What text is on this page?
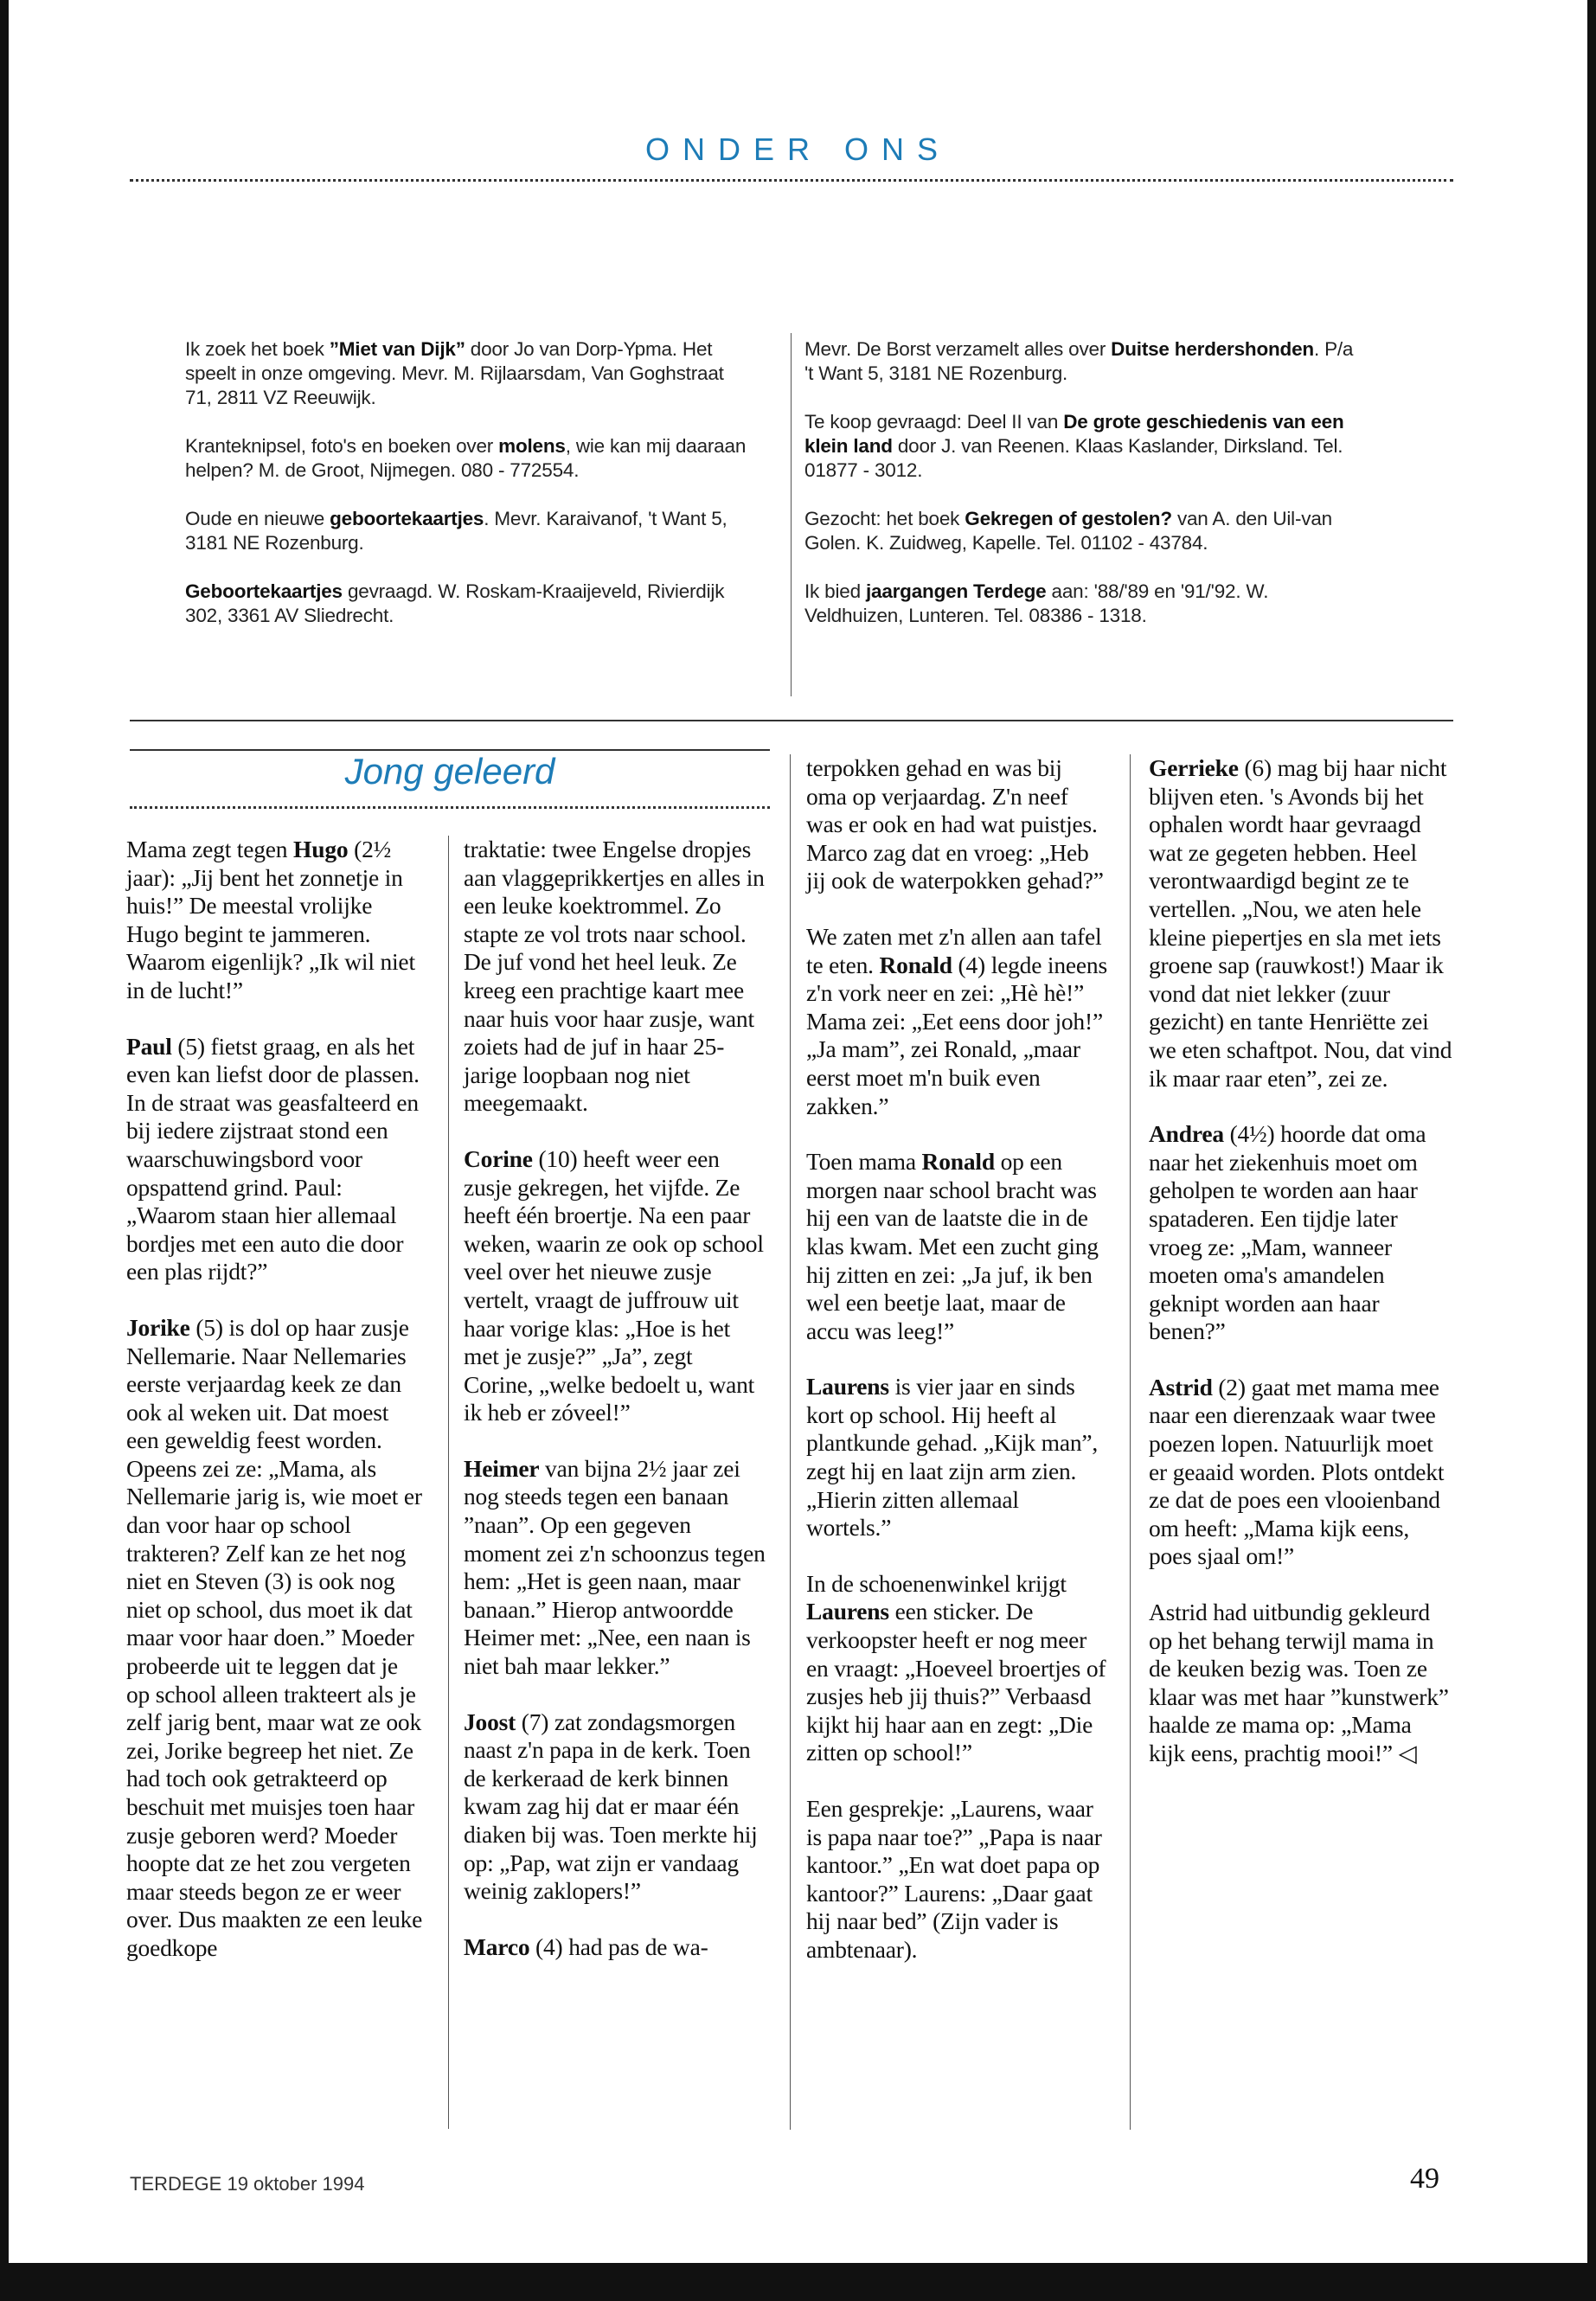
ONDER ONS

Ik zoek het boek ”Miet van Dijk” door Jo van Dorp-Ypma. Het speelt in onze omgeving. Mevr. M. Rijlaarsdam, Van Goghstraat 71, 2811 VZ Reeuwijk.

Kranteknipsel, foto's en boeken over molens, wie kan mij daaraan helpen? M. de Groot, Nijmegen. 080 - 772554.

Oude en nieuwe geboortekaartjes. Mevr. Karaivanof, 't Want 5, 3181 NE Rozenburg.

Geboortekaartjes gevraagd. W. Roskam-Kraaijeveld, Rivierdijk 302, 3361 AV Sliedrecht.

Mevr. De Borst verzamelt alles over Duitse herdershonden. P/a 't Want 5, 3181 NE Rozenburg.

Te koop gevraagd: Deel II van De grote geschiedenis van een klein land door J. van Reenen. Klaas Kaslander, Dirksland. Tel. 01877 - 3012.

Gezocht: het boek Gekregen of gestolen? van A. den Uil-van Golen. K. Zuidweg, Kapelle. Tel. 01102 - 43784.

Ik bied jaargangen Terdege aan: '88/'89 en '91/'92. W. Veldhuizen, Lunteren. Tel. 08386 - 1318.

Jong geleerd

Mama zegt tegen Hugo (2½ jaar): „Jij bent het zonnetje in huis!” De meestal vrolijke Hugo begint te jammeren. Waarom eigenlijk? „Ik wil niet in de lucht!”

Paul (5) fietst graag, en als het even kan liefst door de plassen. In de straat was geasfalteerd en bij iedere zijstraat stond een waarschuwingsbord voor opspattend grind. Paul: „Waarom staan hier allemaal bordjes met een auto die door een plas rijdt?”

Jorike (5) is dol op haar zusje Nellemarie. Naar Nellemaries eerste verjaardag keek ze dan ook al weken uit. Dat moest een geweldig feest worden. Opeens zei ze: „Mama, als Nellemarie jarig is, wie moet er dan voor haar op school trakteren? Zelf kan ze het nog niet en Steven (3) is ook nog niet op school, dus moet ik dat maar voor haar doen.” Moeder probeerde uit te leggen dat je op school alleen trakteert als je zelf jarig bent, maar wat ze ook zei, Jorike begreep het niet. Ze had toch ook getrakteerd op beschuit met muisjes toen haar zusje geboren werd? Moeder hoopte dat ze het zou vergeten maar steeds begon ze er weer over. Dus maakten ze een leuke goedkope

traktatie: twee Engelse dropjes aan vlaggeprikkertjes en alles in een leuke koektrommel. Zo stapte ze vol trots naar school. De juf vond het heel leuk. Ze kreeg een prachtige kaart mee naar huis voor haar zusje, want zoiets had de juf in haar 25-jarige loopbaan nog niet meegemaakt.

Corine (10) heeft weer een zusje gekregen, het vijfde. Ze heeft één broertje. Na een paar weken, waarin ze ook op school veel over het nieuwe zusje vertelt, vraagt de juffrouw uit haar vorige klas: „Hoe is het met je zusje?” „Ja”, zegt Corine, „welke bedoelt u, want ik heb er zóveel!”

Heimer van bijna 2½ jaar zei nog steeds tegen een banaan ”naan”. Op een gegeven moment zei z'n schoonzus tegen hem: „Het is geen naan, maar banaan.” Hierop antwoordde Heimer met: „Nee, een naan is niet bah maar lekker.”

Joost (7) zat zondagsmorgen naast z'n papa in de kerk. Toen de kerkeraad de kerk binnen kwam zag hij dat er maar één diaken bij was. Toen merkte hij op: „Pap, wat zijn er vandaag weinig zaklopers!”

Marco (4) had pas de wa-

terpokken gehad en was bij oma op verjaardag. Z'n neef was er ook en had wat puistjes. Marco zag dat en vroeg: „Heb jij ook de waterpokken gehad?”

We zaten met z'n allen aan tafel te eten. Ronald (4) legde ineens z'n vork neer en zei: „Hè hè!” Mama zei: „Eet eens door joh!” „Ja mam”, zei Ronald, „maar eerst moet m'n buik even zakken.”

Toen mama Ronald op een morgen naar school bracht was hij een van de laatste die in de klas kwam. Met een zucht ging hij zitten en zei: „Ja juf, ik ben wel een beetje laat, maar de accu was leeg!”

Laurens is vier jaar en sinds kort op school. Hij heeft al plantkunde gehad. „Kijk man”, zegt hij en laat zijn arm zien. „Hierin zitten allemaal wortels.”

In de schoenenwinkel krijgt Laurens een sticker. De verkoopster heeft er nog meer en vraagt: „Hoeveel broertjes of zusjes heb jij thuis?” Verbaasd kijkt hij haar aan en zegt: „Die zitten op school!”

Een gesprekje: „Laurens, waar is papa naar toe?” „Papa is naar kantoor.” „En wat doet papa op kantoor?” Laurens: „Daar gaat hij naar bed” (Zijn vader is ambtenaar).

Gerrieke (6) mag bij haar nicht blijven eten. 's Avonds bij het ophalen wordt haar gevraagd wat ze gegeten hebben. Heel verontwaardigd begint ze te vertellen. „Nou, we aten hele kleine piepertjes en sla met iets groene sap (rauwkost!) Maar ik vond dat niet lekker (zuur gezicht) en tante Henriëtte zei we eten schaftpot. Nou, dat vind ik maar raar eten”, zei ze.

Andrea (4½) hoorde dat oma naar het ziekenhuis moet om geholpen te worden aan haar spataderen. Een tijdje later vroeg ze: „Mam, wanneer moeten oma's amandelen geknipt worden aan haar benen?”

Astrid (2) gaat met mama mee naar een dierenzaak waar twee poezen lopen. Natuurlijk moet er geaaid worden. Plots ontdekt ze dat de poes een vlooienband om heeft: „Mama kijk eens, poes sjaal om!”

Astrid had uitbundig gekleurd op het behang terwijl mama in de keuken bezig was. Toen ze klaar was met haar ”kunstwerk” haalde ze mama op: „Mama kijk eens, prachtig mooi!” ◁

TERDEGE 19 oktober 1994	49
